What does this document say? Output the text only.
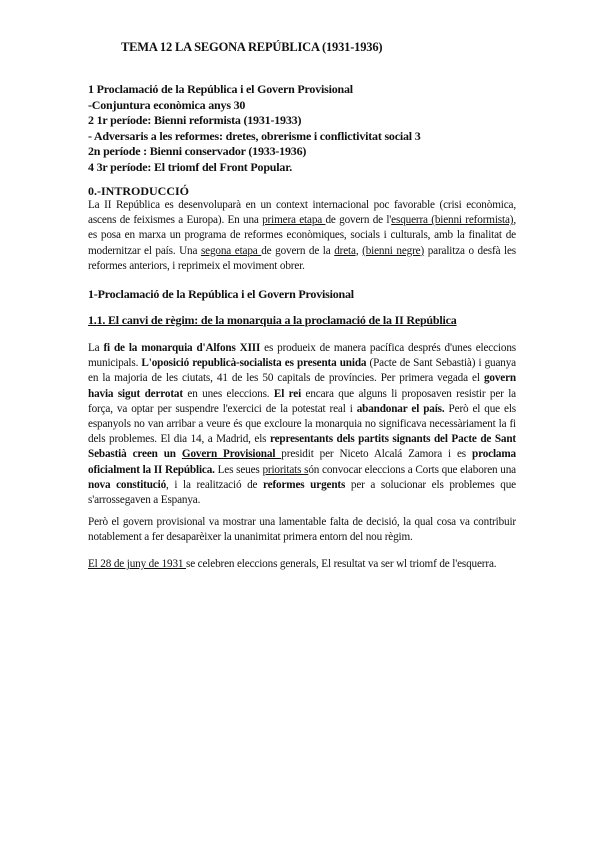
TEMA 12 LA SEGONA REPÚBLICA (1931-1936)
1 Proclamació de la República i el Govern Provisional
-Conjuntura econòmica anys 30
2 1r període: Bienni reformista (1931-1933)
- Adversaris a les reformes: dretes, obrerisme i conflictivitat social 3
2n període : Bienni conservador (1933-1936)
4 3r període: El triomf del Front Popular.
0.-INTRODUCCIÓ
La II República es desenvoluparà en un context internacional poc favorable (crisi econòmica, ascens de feixismes a Europa). En una primera etapa de govern de l'esquerra (bienni reformista), es posa en marxa un programa de reformes econòmiques, socials i culturals, amb la finalitat de modernitzar el país. Una segona etapa de govern de la dreta, (bienni negre) paralitza o desfà les reformes anteriors, i reprimeix el moviment obrer.
1-Proclamació de la República i el Govern Provisional
1.1. El canvi de règim: de la monarquia a la proclamació de la II República
La fi de la monarquia d'Alfons XIII es produeix de manera pacífica després d'unes eleccions municipals. L'oposició republicà-socialista es presenta unida (Pacte de Sant Sebastià) i guanya en la majoria de les ciutats, 41 de les 50 capitals de províncies. Per primera vegada el govern havia sigut derrotat en unes eleccions. El rei encara que alguns li proposaven resistir per la força, va optar per suspendre l'exercici de la potestat real i abandonar el país. Però el que els espanyols no van arribar a veure és que excloure la monarquia no significava necessàriament la fi dels problemes. El dia 14, a Madrid, els representants dels partits signants del Pacte de Sant Sebastià creen un Govern Provisional presidit per Niceto Alcalá Zamora i es proclama oficialment la II República. Les seues prioritats són convocar eleccions a Corts que elaboren una nova constitució, i la realització de reformes urgents per a solucionar els problemes que s'arrossegaven a Espanya.
Però el govern provisional va mostrar una lamentable falta de decisió, la qual cosa va contribuir notablement a fer desaparèixer la unanimitat primera entorn del nou règim.
El 28 de juny de 1931 se celebren eleccions generals, El resultat va ser wl triomf de l'esquerra.
